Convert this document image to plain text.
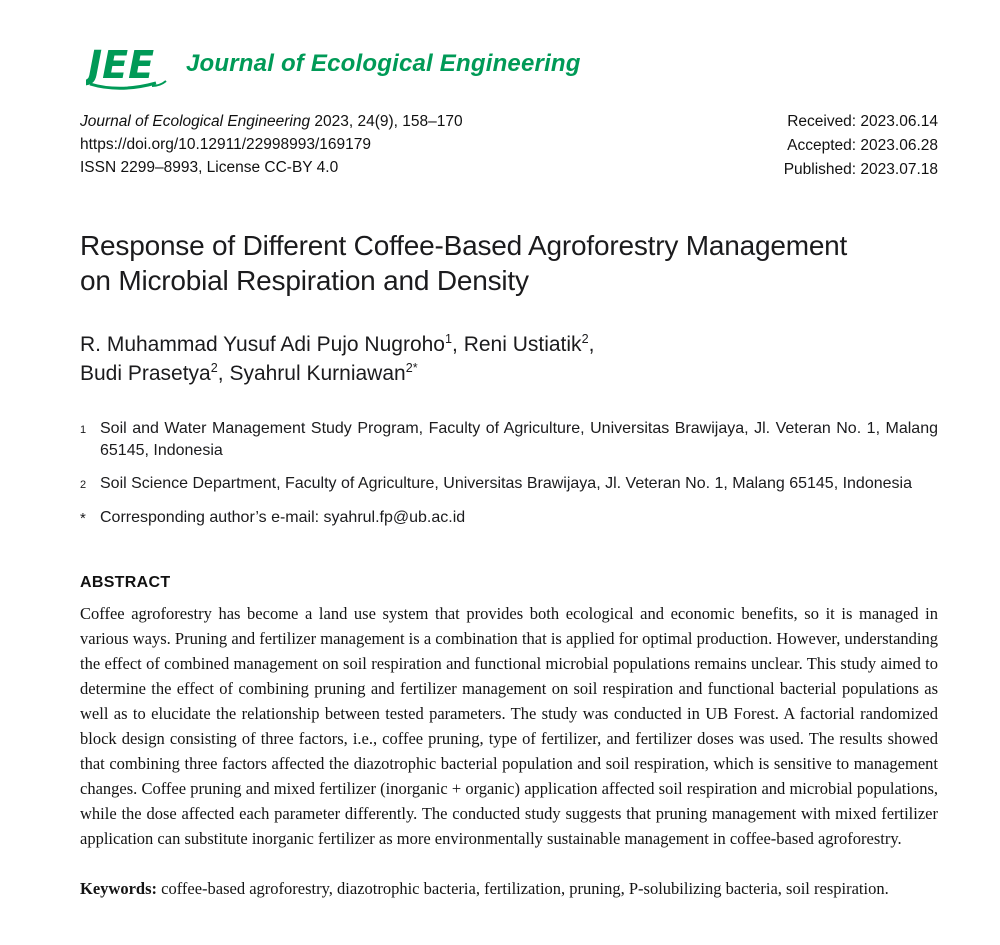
JEE Journal of Ecological Engineering
Journal of Ecological Engineering 2023, 24(9), 158–170
https://doi.org/10.12911/22998993/169179
ISSN 2299–8993, License CC-BY 4.0
Received: 2023.06.14
Accepted: 2023.06.28
Published: 2023.07.18
Response of Different Coffee-Based Agroforestry Management
on Microbial Respiration and Density
R. Muhammad Yusuf Adi Pujo Nugroho$^1$, Reni Ustiatik$^2$,
Budi Prasetya$^2$, Syahrul Kurniawan$^{2*}$
1 Soil and Water Management Study Program, Faculty of Agriculture, Universitas Brawijaya, Jl. Veteran No. 1, Malang 65145, Indonesia
2 Soil Science Department, Faculty of Agriculture, Universitas Brawijaya, Jl. Veteran No. 1, Malang 65145, Indonesia
* Corresponding author’s e-mail: syahrul.fp@ub.ac.id
ABSTRACT

Coffee agroforestry has become a land use system that provides both ecological and economic benefits, so it is managed in various ways. Pruning and fertilizer management is a combination that is applied for optimal production. However, understanding the effect of combined management on soil respiration and functional microbial populations remains unclear. This study aimed to determine the effect of combining pruning and fertilizer management on soil respiration and functional bacterial populations as well as to elucidate the relationship between tested parameters. The study was conducted in UB Forest. A factorial randomized block design consisting of three factors, i.e., coffee pruning, type of fertilizer, and fertilizer doses was used. The results showed that combining three factors affected the diazotrophic bacterial population and soil respiration, which is sensitive to management changes. Coffee pruning and mixed fertilizer (inorganic + organic) application affected soil respiration and microbial populations, while the dose affected each parameter differently. The conducted study suggests that pruning management with mixed fertilizer application can substitute inorganic fertilizer as more environmentally sustainable management in coffee-based agroforestry.

Keywords: coffee-based agroforestry, diazotrophic bacteria, fertilization, pruning, P-solubilizing bacteria, soil respiration.
